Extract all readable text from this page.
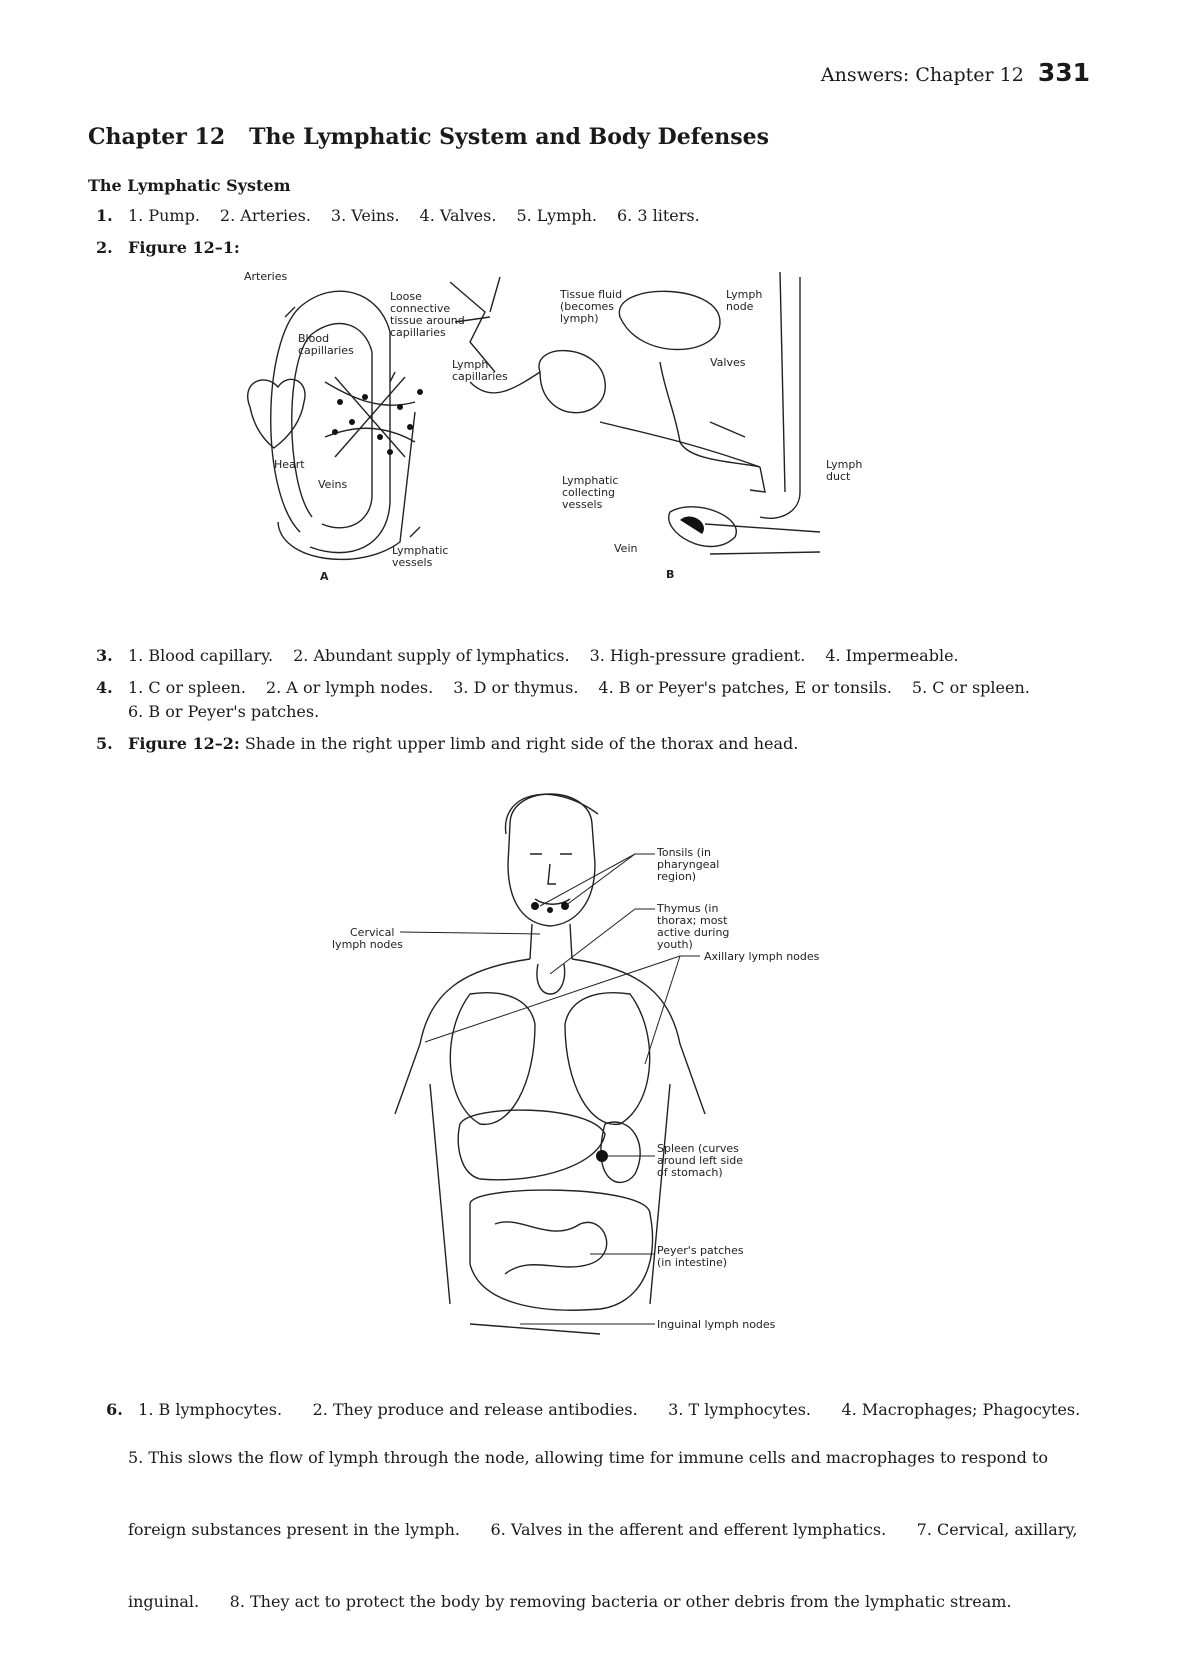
Answers: Chapter 12 331
Chapter 12 The Lymphatic System and Body Defenses
The Lymphatic System
1. 1. Pump. 2. Arteries. 3. Veins. 4. Valves. 5. Lymph. 6. 3 liters.
2. Figure 12–1:
Arteries
Loose
connective
tissue around
capillaries
Blood
capillaries
Heart
Veins
Lymph
capillaries
Tissue fluid
(becomes
lymph)
Lymph
node
Valves
Lymphatic
collecting
vessels
Lymph
duct
Vein
Lymphatic
vessels
A	B
3. 1. Blood capillary. 2. Abundant supply of lymphatics. 3. High-pressure gradient. 4. Impermeable.
4. 1. C or spleen. 2. A or lymph nodes. 3. D or thymus. 4. B or Peyer's patches, E or tonsils. 5. C or spleen.
6. B or Peyer's patches.
5. Figure 12–2: Shade in the right upper limb and right side of the thorax and head.
Tonsils (in
pharyngeal
region)
Thymus (in
thorax; most
active during
youth)
Cervical
lymph nodes
Axillary lymph nodes
Spleen (curves
around left side
of stomach)
Peyer's patches
(in intestine)
Inguinal lymph nodes

6. 1. B lymphocytes.      2. They produce and release antibodies.      3. T lymphocytes.      4. Macrophages; Phagocytes.

5. This slows the flow of lymph through the node, allowing time for immune cells and macrophages to respond to

foreign substances present in the lymph.      6. Valves in the afferent and efferent lymphatics.      7. Cervical, axillary,

inguinal.      8. They act to protect the body by removing bacteria or other debris from the lymphatic stream.
